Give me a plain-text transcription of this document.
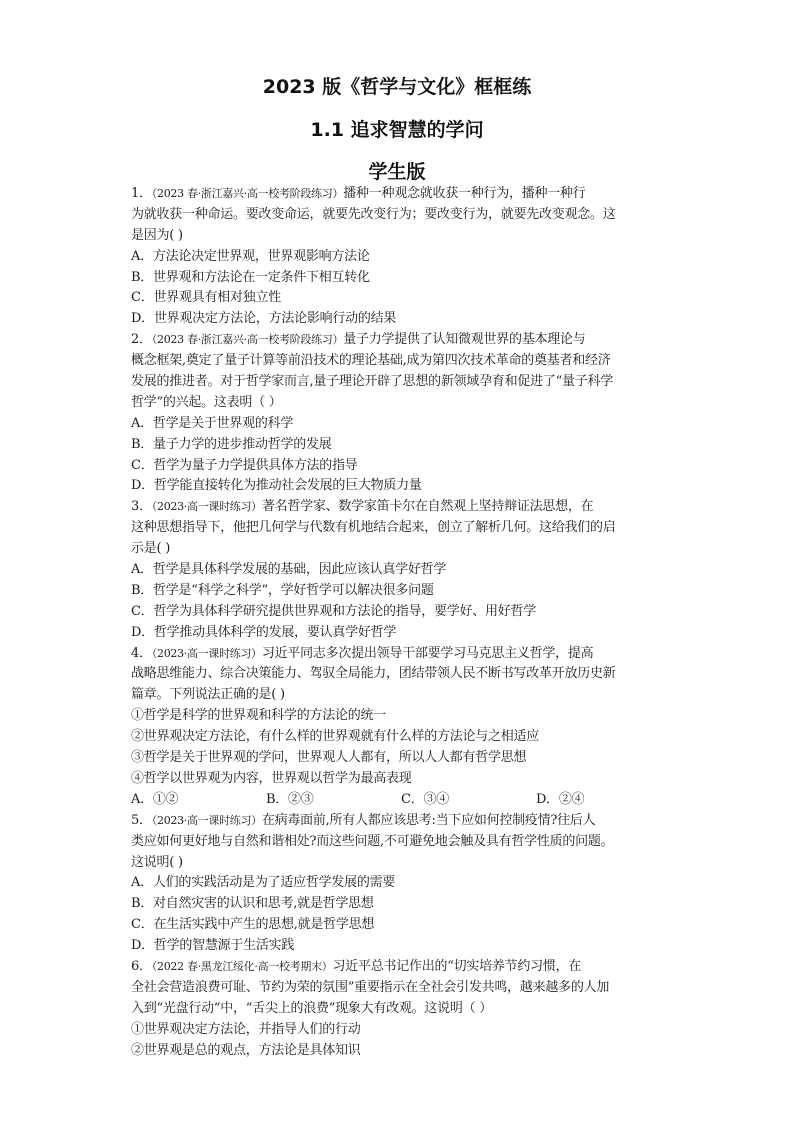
2023 版《哲学与文化》框框练
1.1 追求智慧的学问
学生版
1．（2023 春·浙江嘉兴·高一校考阶段练习）播种一种观念就收获一种行为，播种一种行
为就收获一种命运。要改变命运，就要先改变行为；要改变行为，就要先改变观念。这
是因为( )
A．方法论决定世界观，世界观影响方法论
B．世界观和方法论在一定条件下相互转化
C．世界观具有相对独立性
D．世界观决定方法论，方法论影响行动的结果
2．（2023 春·浙江嘉兴·高一校考阶段练习）量子力学提供了认知微观世界的基本理论与
概念框架,奠定了量子计算等前沿技术的理论基础,成为第四次技术革命的奠基者和经济
发展的推进者。对于哲学家而言,量子理论开辟了思想的新领域孕育和促进了“量子科学
哲学”的兴起。这表明（ ）
A．哲学是关于世界观的科学
B．量子力学的进步推动哲学的发展
C．哲学为量子力学提供具体方法的指导
D．哲学能直接转化为推动社会发展的巨大物质力量
3．（2023·高一课时练习）著名哲学家、数学家笛卡尔在自然观上坚持辩证法思想，在
这种思想指导下，他把几何学与代数有机地结合起来，创立了解析几何。这给我们的启
示是( )
A．哲学是具体科学发展的基础，因此应该认真学好哲学
B．哲学是“科学之科学”，学好哲学可以解决很多问题
C．哲学为具体科学研究提供世界观和方法论的指导，要学好、用好哲学
D．哲学推动具体科学的发展，要认真学好哲学
4．（2023·高一课时练习）习近平同志多次提出领导干部要学习马克思主义哲学，提高
战略思维能力、综合决策能力、驾驭全局能力，团结带领人民不断书写改革开放历史新
篇章。下列说法正确的是( )
①哲学是科学的世界观和科学的方法论的统一
②世界观决定方法论，有什么样的世界观就有什么样的方法论与之相适应
③哲学是关于世界观的学问，世界观人人都有，所以人人都有哲学思想
④哲学以世界观为内容，世界观以哲学为最高表现
A．①②	B．②③	C．③④	D．②④
5．（2023·高一课时练习）在病毒面前,所有人都应该思考:当下应如何控制疫情?往后人
类应如何更好地与自然和谐相处?而这些问题,不可避免地会触及具有哲学性质的问题。
这说明( )
A．人们的实践活动是为了适应哲学发展的需要
B．对自然灾害的认识和思考,就是哲学思想
C．在生活实践中产生的思想,就是哲学思想
D．哲学的智慧源于生活实践
6．（2022 春·黑龙江绥化·高一校考期末）习近平总书记作出的“切实培养节约习惯，在
全社会营造浪费可耻、节约为荣的氛围”重要指示在全社会引发共鸣，越来越多的人加
入到“光盘行动”中，“舌尖上的浪费”现象大有改观。这说明（ ）
①世界观决定方法论，并指导人们的行动
②世界观是总的观点，方法论是具体知识
